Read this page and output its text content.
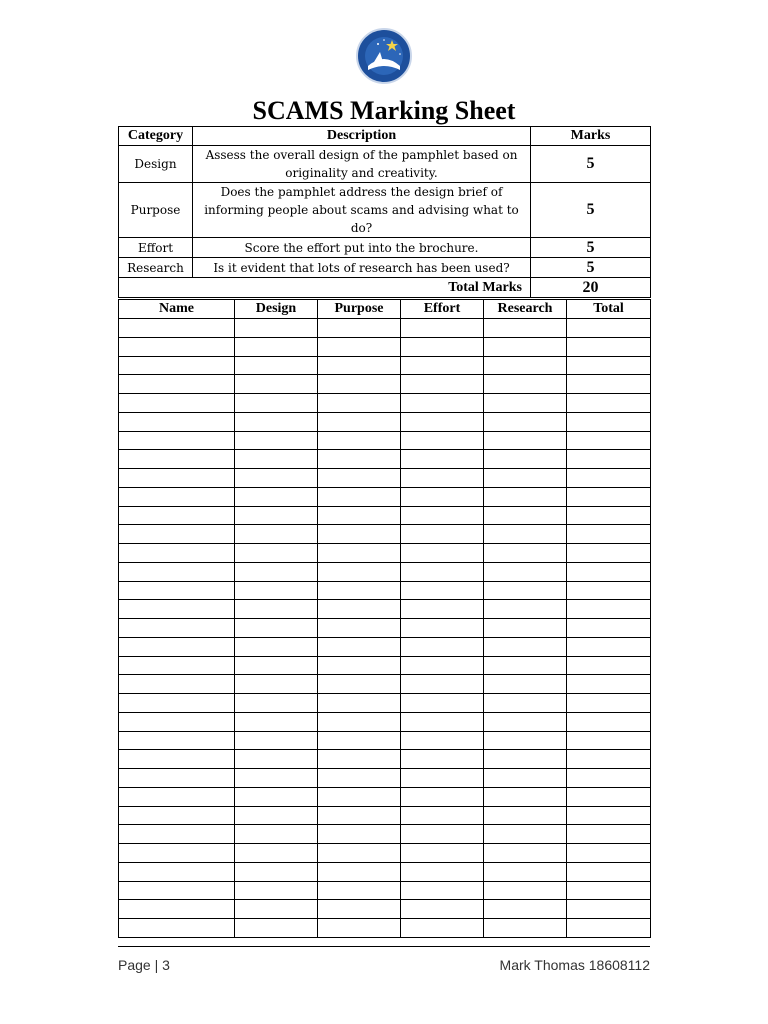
SCAMS Marking Sheet
Category	Description	Marks
Design	Assess the overall design of the pamphlet based on originality and creativity.	5
Purpose	Does the pamphlet address the design brief of informing people about scams and advising what to do?	5
Effort	Score the effort put into the brochure.	5
Research	Is it evident that lots of research has been used?	5
Total Marks		20
Name	Design	Purpose	Effort	Research	Total

Page | 3	Mark Thomas 18608112
